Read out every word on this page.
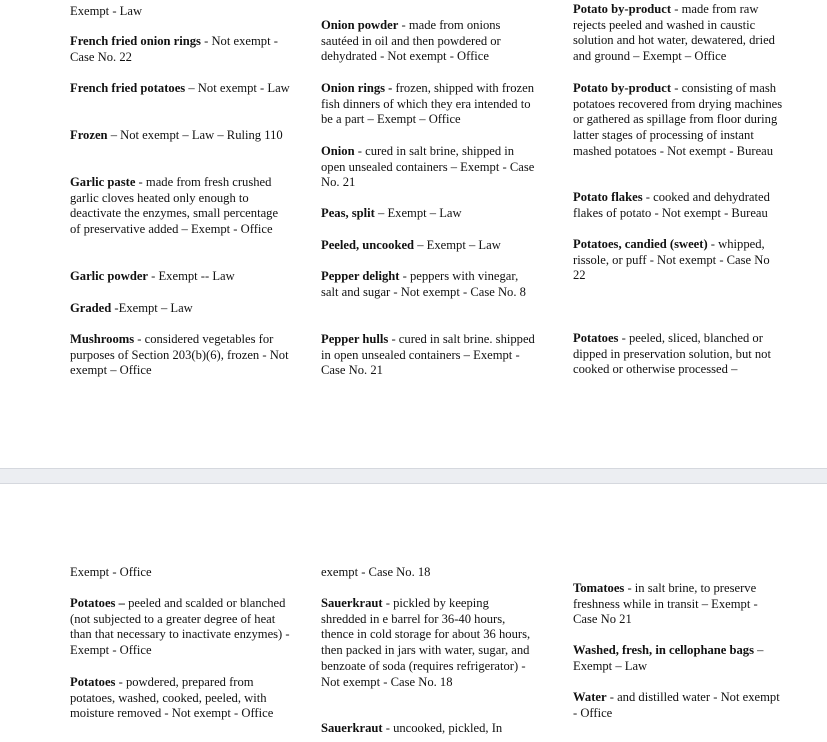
Exempt - Law

French fried onion rings - Not exempt -Case No. 22

French fried potatoes – Not exempt - Law

Frozen – Not exempt – Law – Ruling 110

Garlic paste - made from fresh crushed garlic cloves heated only enough to deactivate the enzymes, small percentage of preservative added – Exempt - Office

Garlic powder - Exempt -- Law

Graded -Exempt – Law

Mushrooms - considered vegetables for purposes of Section 203(b)(6), frozen - Not exempt – Office

Onion powder - made from onions sautéed in oil and then powdered or dehydrated - Not exempt - Office

Onion rings - frozen, shipped with frozen fish dinners of which they era intended to be a part – Exempt – Office

Onion - cured in salt brine, shipped in open unsealed containers – Exempt - Case No. 21

Peas, split – Exempt – Law

Peeled, uncooked – Exempt – Law

Pepper delight - peppers with vinegar, salt and sugar - Not exempt - Case No. 8

Pepper hulls - cured in salt brine. shipped in open unsealed containers – Exempt - Case No. 21

Potato by-product - made from raw rejects peeled and washed in caustic solution and hot water, dewatered, dried and ground – Exempt – Office

Potato by-product - consisting of mash potatoes recovered from drying machines or gathered as spillage from floor during latter stages of processing of instant mashed potatoes - Not exempt - Bureau

Potato flakes - cooked and dehydrated flakes of potato - Not exempt - Bureau

Potatoes, candied (sweet) - whipped, rissole, or puff - Not exempt - Case No 22

Potatoes - peeled, sliced, blanched or dipped in preservation solution, but not cooked or otherwise processed –

Exempt - Office

Potatoes – peeled and scalded or blanched (not subjected to a greater degree of heat than that necessary to inactivate enzymes) - Exempt - Office

Potatoes - powdered, prepared from potatoes, washed, cooked, peeled, with moisture removed - Not exempt - Office

exempt - Case No. 18

Sauerkraut - pickled by keeping shredded in e barrel for 36-40 hours, thence in cold storage for about 36 hours, then packed in jars with water, sugar, and benzoate of soda (requires refrigerator) - Not exempt - Case No. 18

Sauerkraut - uncooked, pickled, In

Tomatoes - in salt brine, to preserve freshness while in transit – Exempt - Case No 21

Washed, fresh, in cellophane bags – Exempt – Law

Water - and distilled water - Not exempt - Office
